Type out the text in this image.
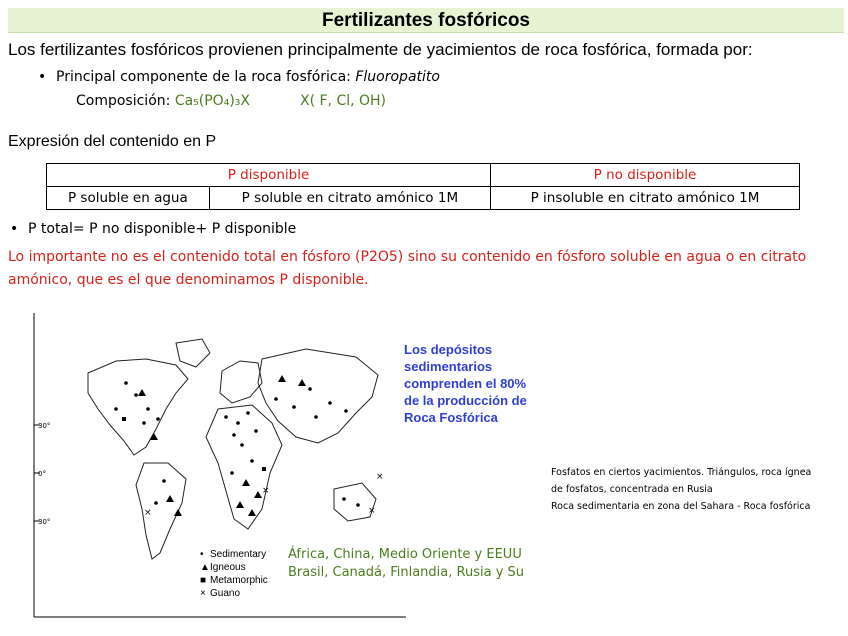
Fertilizantes fosfóricos
Los fertilizantes fosfóricos provienen principalmente de yacimientos de roca fosfórica, formada por:
• Principal componente de la roca fosfórica: Fluoropatito
Composición: Ca₅(PO₄)₃X	X( F, Cl, OH)
Expresión del contenido en P
P disponible		P no disponible
P soluble en agua	P soluble en citrato amónico 1M	P insoluble en citrato amónico 1M
• P total= P no disponible+ P disponible
Lo importante no es el contenido total en fósforo (P2O5) sino su contenido en fósforo soluble en agua o en citrato amónico, que es el que denominamos P disponible.
30°
0°
30°
×
×
×
×
Los depósitos
sedimentarios
comprenden el 80%
de la producción de
Roca Fosfórica
• Sedimentary
▲Igneous
■ Metamorphic
× Guano
África, China, Medio Oriente y EEUU
Brasil, Canadá, Finlandia, Rusia y Su
Fosfatos en ciertos yacimientos. Triángulos, roca ígnea
de fosfatos, concentrada en Rusia
Roca sedimentaria en zona del Sahara - Roca fosfórica
